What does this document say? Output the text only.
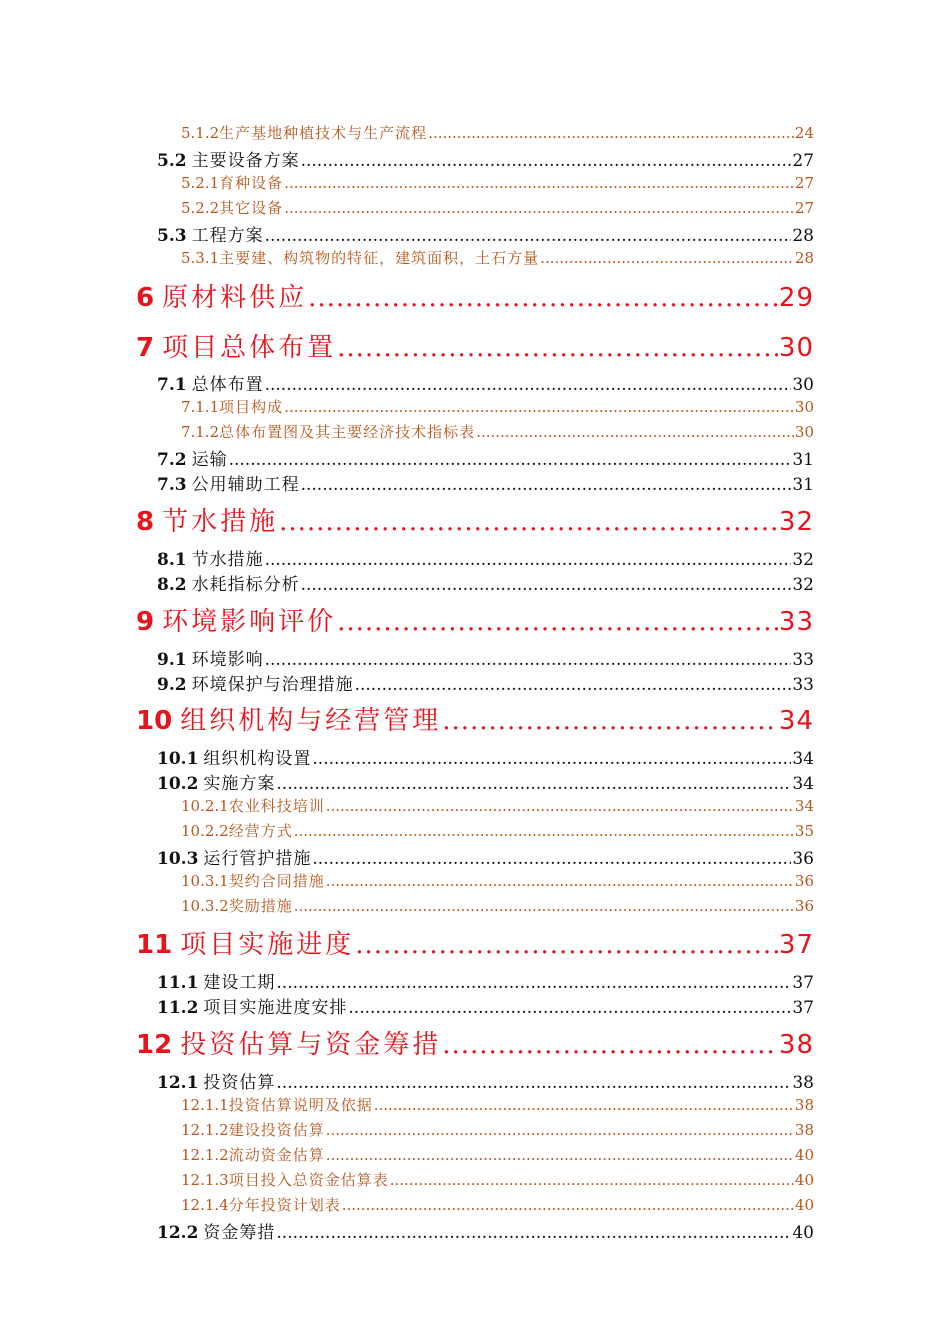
5.1.2 生产基地种植技术与生产流程 .....	24
5.2 主要设备方案 .....	27
5.2.1 育种设备 .....	27
5.2.2 其它设备 .....	27
5.3 工程方案 .....	28
5.3.1 主要建、构筑物的特征，建筑面积，土石方量 .....	28
6 原材料供应 .....	29
7 项目总体布置 .....	30
7.1 总体布置 .....	30
7.1.1 项目构成 .....	30
7.1.2 总体布置图及其主要经济技术指标表 .....	30
7.2 运输 .....	31
7.3 公用辅助工程 .....	31
8 节水措施 .....	32
8.1 节水措施 .....	32
8.2 水耗指标分析 .....	32
9 环境影响评价 .....	33
9.1 环境影响 .....	33
9.2 环境保护与治理措施 .....	33
10 组织机构与经营管理 .....	34
10.1 组织机构设置 .....	34
10.2 实施方案 .....	34
10.2.1 农业科技培训 .....	34
10.2.2 经营方式 .....	35
10.3 运行管护措施 .....	36
10.3.1 契约合同措施 .....	36
10.3.2 奖励措施 .....	36
11 项目实施进度 .....	37
11.1 建设工期 .....	37
11.2 项目实施进度安排 .....	37
12 投资估算与资金筹措 .....	38
12.1 投资估算 .....	38
12.1.1 投资估算说明及依据 .....	38
12.1.2 建设投资估算 .....	38
12.1.2 流动资金估算 .....	40
12.1.3 项目投入总资金估算表 .....	40
12.1.4 分年投资计划表 .....	40
12.2 资金筹措 .....	40
